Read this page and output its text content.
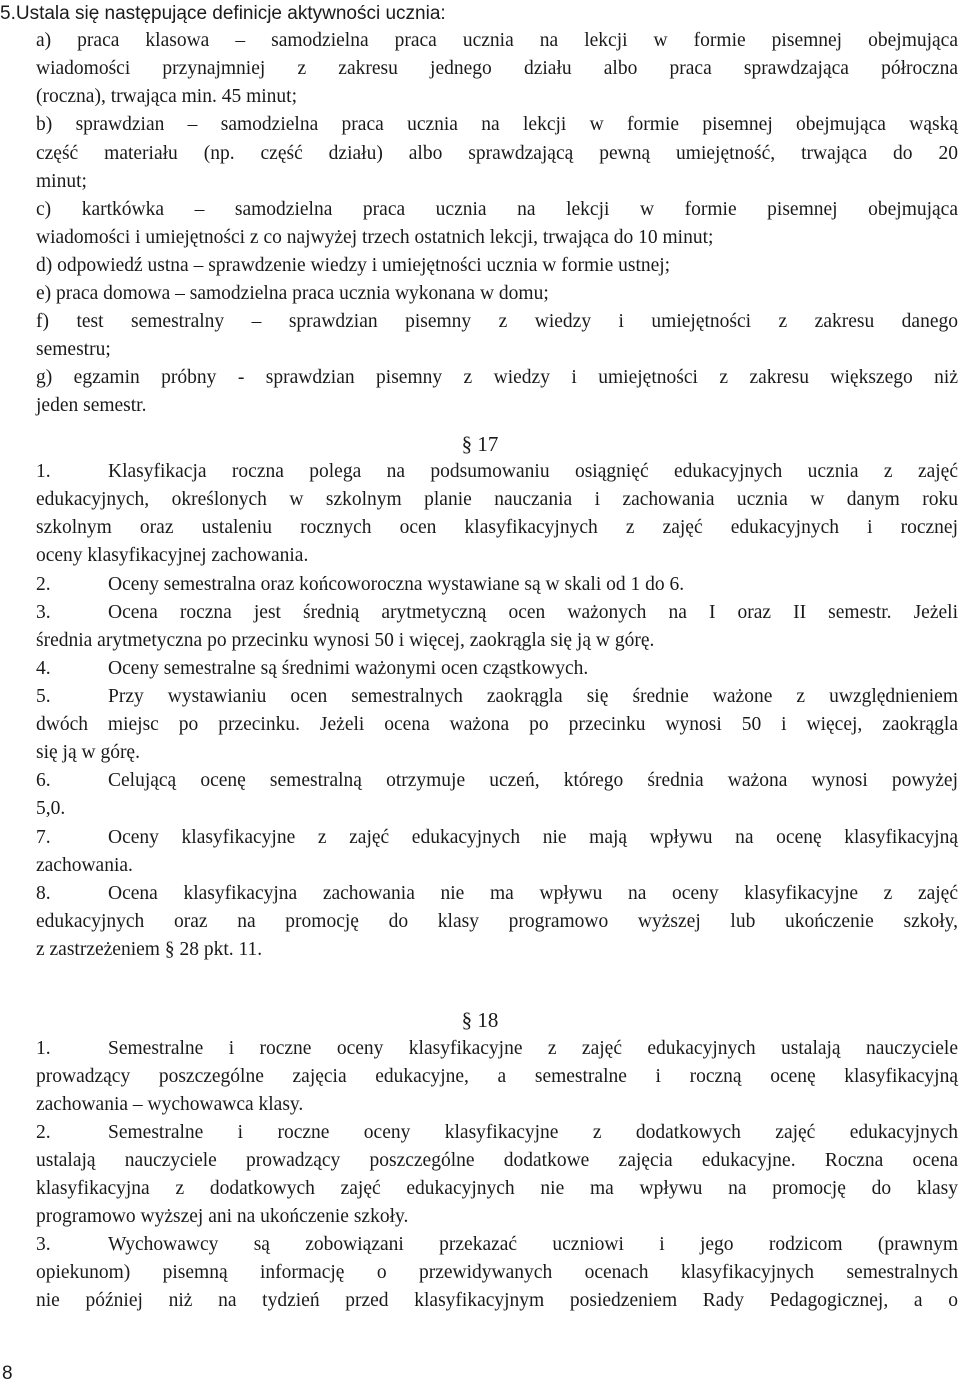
5.Ustala się następujące definicje aktywności ucznia:

a) praca klasowa – samodzielna praca ucznia na lekcji w formie pisemnej obejmująca

wiadomości przynajmniej z zakresu jednego działu albo praca sprawdzająca półroczna

(roczna), trwająca min. 45 minut;

b) sprawdzian – samodzielna praca ucznia na lekcji w formie pisemnej obejmująca wąską

część materiału (np. część działu) albo sprawdzającą pewną umiejętność, trwająca do 20

minut;

c) kartkówka – samodzielna praca ucznia na lekcji w formie pisemnej obejmująca

wiadomości i umiejętności z co najwyżej trzech ostatnich lekcji, trwająca do 10 minut;

d) odpowiedź ustna – sprawdzenie wiedzy i umiejętności ucznia w formie ustnej;

e) praca domowa – samodzielna praca ucznia wykonana w domu;

f) test semestralny – sprawdzian pisemny z wiedzy i umiejętności z zakresu danego

semestru;

g) egzamin próbny - sprawdzian pisemny z wiedzy i umiejętności z zakresu większego niż

jeden semestr.

§ 17

1.	Klasyfikacja roczna polega na podsumowaniu osiągnięć edukacyjnych ucznia z zajęć

edukacyjnych, określonych w szkolnym planie nauczania i zachowania ucznia w danym roku

szkolnym oraz ustaleniu rocznych ocen klasyfikacyjnych z zajęć edukacyjnych i rocznej

oceny klasyfikacyjnej zachowania.

2.	Oceny semestralna oraz końcoworoczna wystawiane są w skali od 1 do 6.

3.	Ocena roczna jest średnią arytmetyczną ocen ważonych na I oraz II semestr. Jeżeli

średnia arytmetyczna po przecinku wynosi 50 i więcej, zaokrągla się ją w górę.

4.	Oceny semestralne są średnimi ważonymi ocen cząstkowych.

5.	Przy wystawianiu ocen semestralnych zaokrągla się średnie ważone z uwzględnieniem

dwóch miejsc po przecinku. Jeżeli ocena ważona po przecinku wynosi 50 i więcej, zaokrągla

się ją w górę.

6.	Celującą ocenę semestralną otrzymuje uczeń, którego średnia ważona wynosi powyżej

5,0.

7.	Oceny klasyfikacyjne z zajęć edukacyjnych nie mają wpływu na ocenę klasyfikacyjną

zachowania.

8.	Ocena klasyfikacyjna zachowania nie ma wpływu na oceny klasyfikacyjne z zajęć

edukacyjnych oraz na promocję do klasy programowo wyższej lub ukończenie szkoły,

z zastrzeżeniem § 28 pkt. 11.

§ 18

1.	Semestralne i roczne oceny klasyfikacyjne z zajęć edukacyjnych ustalają nauczyciele

prowadzący poszczególne zajęcia edukacyjne, a semestralne i roczną ocenę klasyfikacyjną

zachowania – wychowawca klasy.

2.	Semestralne i roczne oceny klasyfikacyjne z dodatkowych zajęć edukacyjnych

ustalają nauczyciele prowadzący poszczególne dodatkowe zajęcia edukacyjne. Roczna ocena

klasyfikacyjna z dodatkowych zajęć edukacyjnych nie ma wpływu na promocję do klasy

programowo wyższej ani na ukończenie szkoły.

3.	Wychowawcy są zobowiązani przekazać uczniowi i jego rodzicom (prawnym

opiekunom) pisemną informację o przewidywanych ocenach klasyfikacyjnych semestralnych

nie później niż na tydzień przed klasyfikacyjnym posiedzeniem Rady Pedagogicznej, a o

8
